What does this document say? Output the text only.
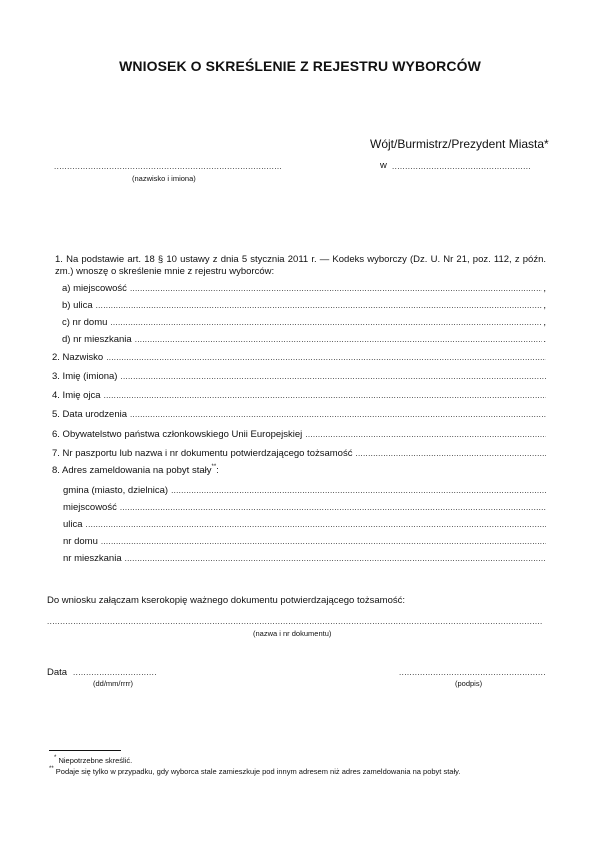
WNIOSEK O SKREŚLENIE Z REJESTRU WYBORCÓW
Wójt/Burmistrz/Prezydent Miasta*
.....
(nazwisko i imiona)
w
.....
1. Na podstawie art. 18 § 10 ustawy z dnia 5 stycznia 2011 r. — Kodeks wyborczy (Dz. U. Nr 21, poz. 112, z późn. zm.) wnoszę o skreślenie mnie z rejestru wyborców:
a) miejscowość .....	,
b) ulica .....	,
c) nr domu .....	,
d) nr mieszkania .....	.
2. Nazwisko
.....
3. Imię (imiona)
.....
4. Imię ojca
.....
5. Data urodzenia
.....
6. Obywatelstwo państwa członkowskiego Unii Europejskiej
.....
7. Nr paszportu lub nazwa i nr dokumentu potwierdzającego tożsamość
.....
8. Adres zameldowania na pobyt stały**:
gmina (miasto, dzielnica)
.....
miejscowość
.....
ulica
.....
nr domu
.....
nr mieszkania
.....
Do wniosku załączam kserokopię ważnego dokumentu potwierdzającego tożsamość:
.....
(nazwa i nr dokumentu)
Data
.....
(dd/mm/rrrr)
.....	(podpis)
* Niepotrzebne skreślić.
** Podaje się tylko w przypadku, gdy wyborca stale zamieszkuje pod innym adresem niż adres zameldowania na pobyt stały.
